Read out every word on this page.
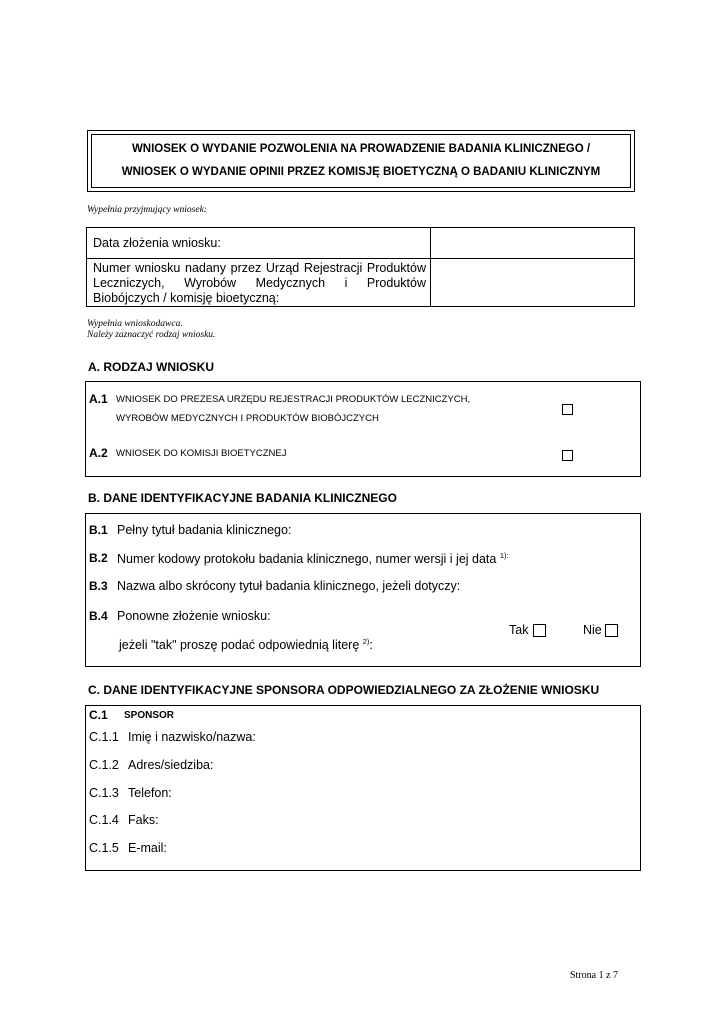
WNIOSEK O WYDANIE POZWOLENIA NA PROWADZENIE BADANIA KLINICZNEGO /
WNIOSEK O WYDANIE OPINII PRZEZ KOMISJĘ BIOETYCZNĄ O BADANIU KLINICZNYM
Wypełnia przyjmujący wniosek:
Data złożenia wniosku:
Numer wniosku nadany przez Urząd Rejestracji Produktów Leczniczych, Wyrobów Medycznych i Produktów Biobójczych / komisję bioetyczną:
Wypełnia wnioskodawca.
Należy zaznaczyć rodzaj wniosku.
A. RODZAJ WNIOSKU
A.1 WNIOSEK DO PREZESA URZĘDU REJESTRACJI PRODUKTÓW LECZNICZYCH,
WYROBÓW MEDYCZNYCH I PRODUKTÓW BIOBÓJCZYCH
A.2 WNIOSEK DO KOMISJI BIOETYCZNEJ
B. DANE IDENTYFIKACYJNE BADANIA KLINICZNEGO
B.1 Pełny tytuł badania klinicznego:
B.2 Numer kodowy protokołu badania klinicznego, numer wersji i jej data $^{1):}$
B.3 Nazwa albo skrócony tytuł badania klinicznego, jeżeli dotyczy:
B.4 Ponowne złożenie wniosku:
jeżeli "tak" proszę podać odpowiednią literę $^{2)}$:
Tak	Nie
C. DANE IDENTYFIKACYJNE SPONSORA ODPOWIEDZIALNEGO ZA ZŁOŻENIE WNIOSKU
C.1 SPONSOR
C.1.1 Imię i nazwisko/nazwa:
C.1.2 Adres/siedziba:
C.1.3 Telefon:
C.1.4 Faks:
C.1.5 E-mail:
Strona 1 z 7
